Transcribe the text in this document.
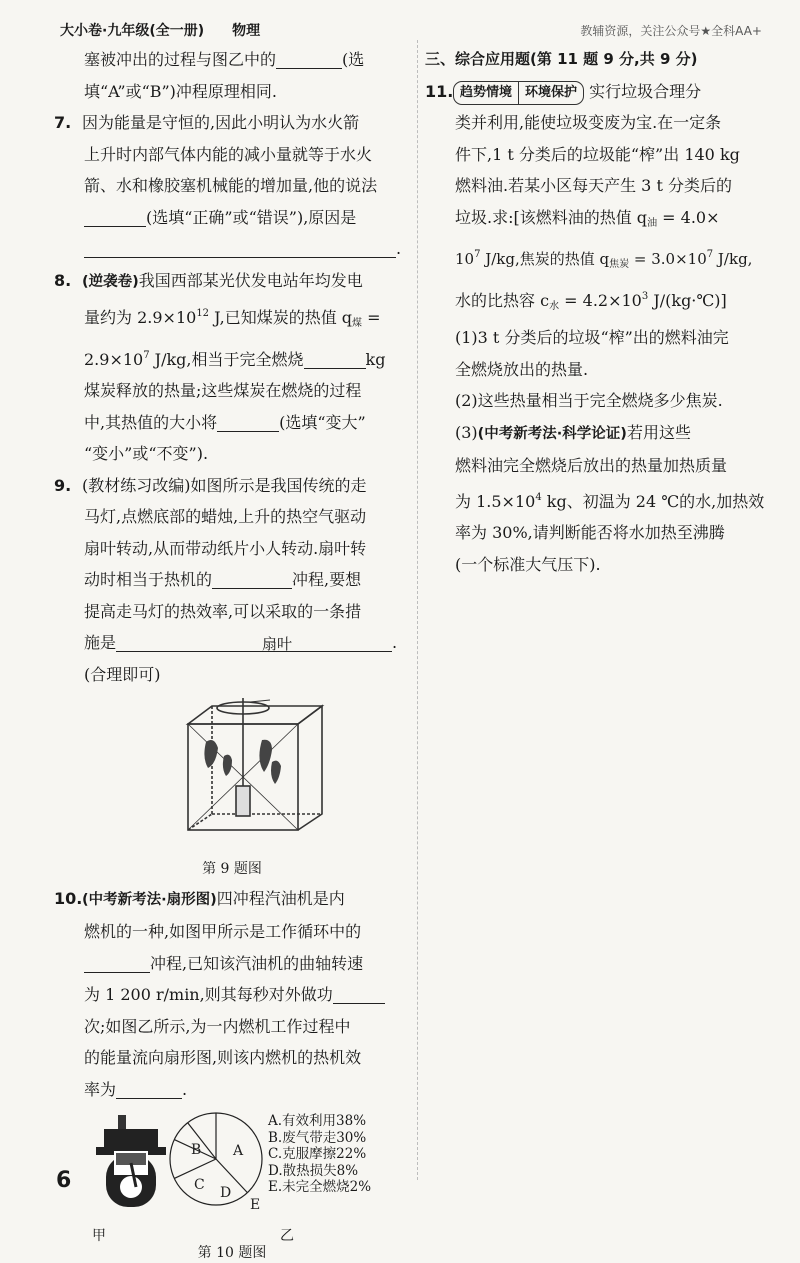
大小卷·九年级(全一册) 物理	教辅资源，关注公众号★全科AA+
塞被冲出的过程与图乙中的	(选
填“A”或“B”)冲程原理相同.
7. 因为能量是守恒的,因此小明认为水火箭
上升时内部气体内能的减小量就等于水火
箭、水和橡胶塞机械能的增加量,他的说法
(选填“正确”或“错误”),原因是
.
8. (逆袭卷)我国西部某光伏发电站年均发电
量约为 $2.9\times 10^{12}$ J,已知煤炭的热值 $q_煤$ =
$2.9\times 10^7$ J/kg,相当于完全燃烧	kg
煤炭释放的热量;这些煤炭在燃烧的过程
中,其热值的大小将	(选填“变大”
“变小”或“不变”).
9. (教材练习改编)如图所示是我国传统的走
马灯,点燃底部的蜡烛,上升的热空气驱动
扇叶转动,从而带动纸片小人转动.扇叶转
动时相当于热机的	冲程,要想
提高走马灯的热效率,可以采取的一条措
施是	.
(合理即可)
扇叶
第 9 题图
10.(中考新考法·扇形图)四冲程汽油机是内
燃机的一种,如图甲所示是工作循环中的
冲程,已知该汽油机的曲轴转速
为 1 200 r/min,则其每秒对外做功
次;如图乙所示,为一内燃机工作过程中
的能量流向扇形图,则该内燃机的热机效
率为	.
A
B
C D
E
A.有效利用38%
B.废气带走30%
C.克服摩擦22%
D.散热损失8%
E.未完全燃烧2%
甲	乙
第 10 题图
三、综合应用题(第 11 题 9 分,共 9 分)
11. 趋势情境	环境保护 实行垃圾合理分
类并利用,能使垃圾变废为宝.在一定条
件下,1 t 分类后的垃圾能“榨”出 140 kg
燃料油.若某小区每天产生 3 t 分类后的
垃圾.求:[该燃料油的热值 $q_油 = 4.0\times$
$10^7$ J/kg,焦炭的热值 $q_{焦炭} = 3.0\times 10^7$ J/kg,
水的比热容 $c_水 = 4.2\times 10^3$ J/(kg·℃)]
(1)3 t 分类后的垃圾“榨”出的燃料油完
全燃烧放出的热量.
(2)这些热量相当于完全燃烧多少焦炭.
(3)(中考新考法·科学论证)若用这些
燃料油完全燃烧后放出的热量加热质量
为 $1.5\times 10^4$ kg、初温为 24 ℃的水,加热效
率为 30%,请判断能否将水加热至沸腾
(一个标准大气压下).
6
